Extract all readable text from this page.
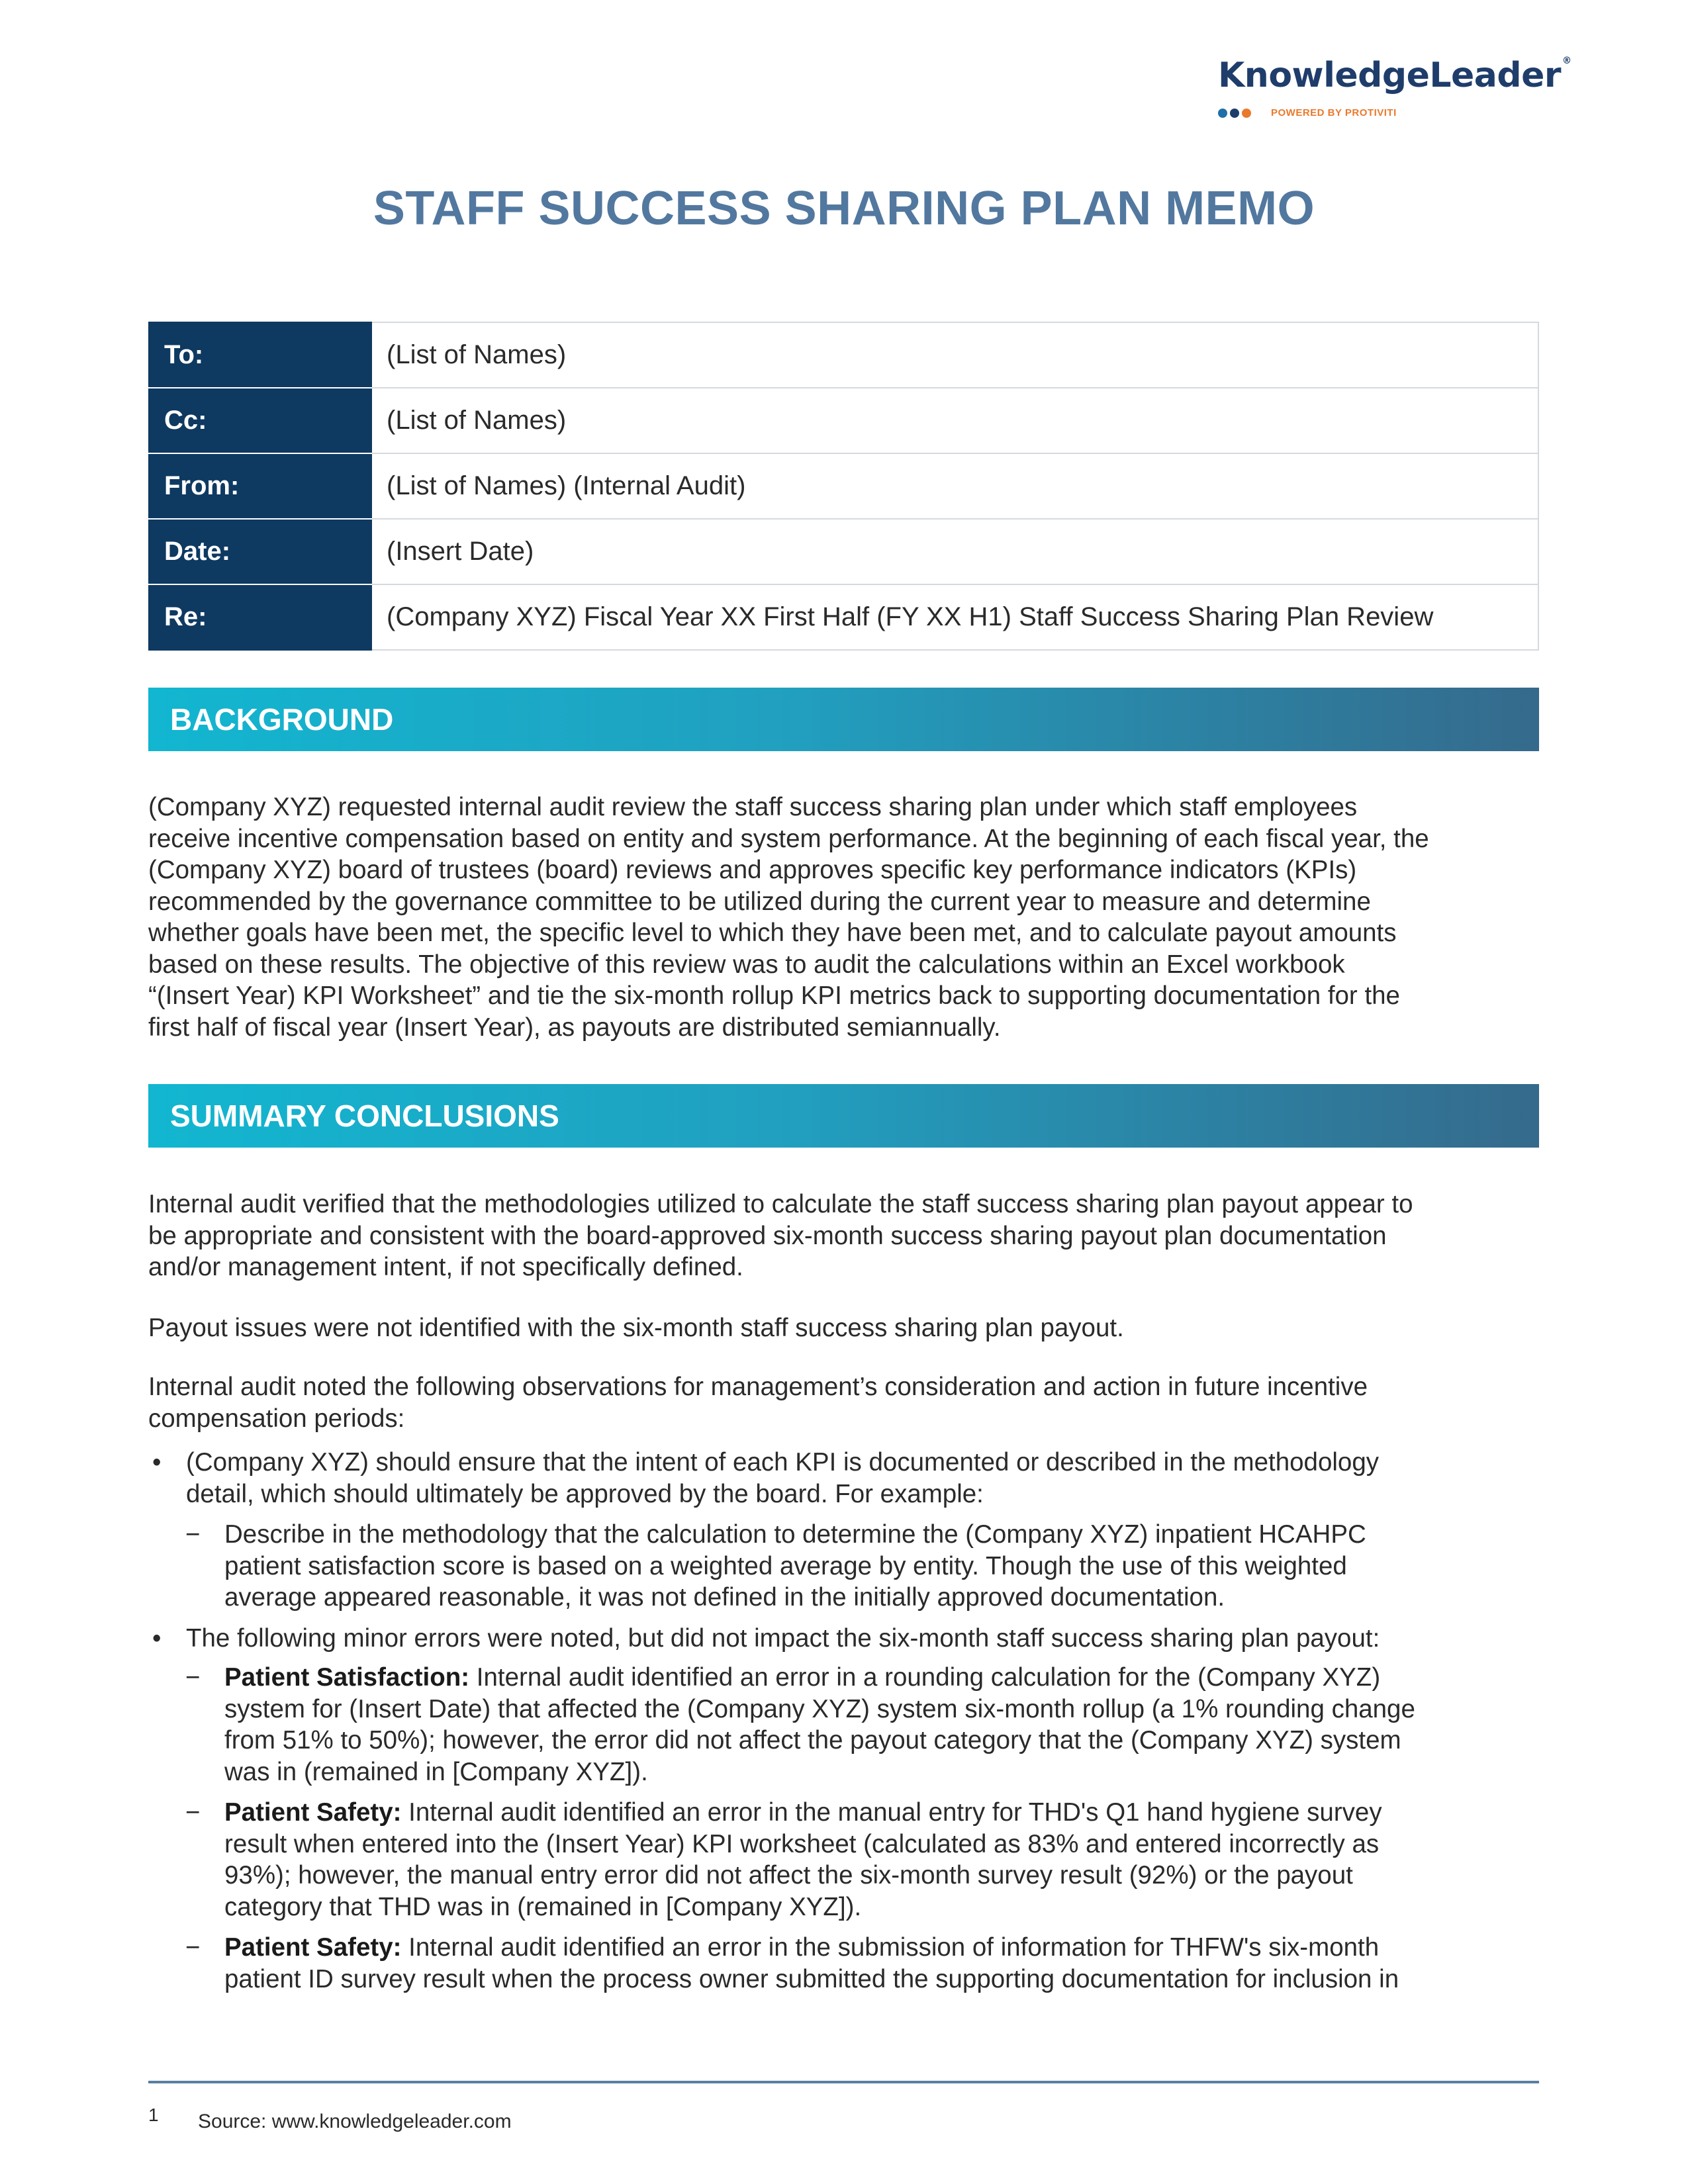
KnowledgeLeader ®
POWERED BY PROTIVITI
STAFF SUCCESS SHARING PLAN MEMO
To:	(List of Names)
Cc:	(List of Names)
From:	(List of Names) (Internal Audit)
Date:	(Insert Date)
Re:	(Company XYZ) Fiscal Year XX First Half (FY XX H1) Staff Success Sharing Plan Review
BACKGROUND
(Company XYZ) requested internal audit review the staff success sharing plan under which staff employees
receive incentive compensation based on entity and system performance. At the beginning of each fiscal year, the
(Company XYZ) board of trustees (board) reviews and approves specific key performance indicators (KPIs)
recommended by the governance committee to be utilized during the current year to measure and determine
whether goals have been met, the specific level to which they have been met, and to calculate payout amounts
based on these results. The objective of this review was to audit the calculations within an Excel workbook
“(Insert Year) KPI Worksheet” and tie the six-month rollup KPI metrics back to supporting documentation for the
first half of fiscal year (Insert Year), as payouts are distributed semiannually.
SUMMARY CONCLUSIONS
Internal audit verified that the methodologies utilized to calculate the staff success sharing plan payout appear to
be appropriate and consistent with the board-approved six-month success sharing payout plan documentation
and/or management intent, if not specifically defined.
Payout issues were not identified with the six-month staff success sharing plan payout.
Internal audit noted the following observations for management’s consideration and action in future incentive
compensation periods:
• (Company XYZ) should ensure that the intent of each KPI is documented or described in the methodology
detail, which should ultimately be approved by the board. For example:
− Describe in the methodology that the calculation to determine the (Company XYZ) inpatient HCAHPC
patient satisfaction score is based on a weighted average by entity. Though the use of this weighted
average appeared reasonable, it was not defined in the initially approved documentation.
• The following minor errors were noted, but did not impact the six-month staff success sharing plan payout:
− Patient Satisfaction: Internal audit identified an error in a rounding calculation for the (Company XYZ)
system for (Insert Date) that affected the (Company XYZ) system six-month rollup (a 1% rounding change
from 51% to 50%); however, the error did not affect the payout category that the (Company XYZ) system
was in (remained in [Company XYZ]).
− Patient Safety: Internal audit identified an error in the manual entry for THD's Q1 hand hygiene survey
result when entered into the (Insert Year) KPI worksheet (calculated as 83% and entered incorrectly as
93%); however, the manual entry error did not affect the six-month survey result (92%) or the payout
category that THD was in (remained in [Company XYZ]).
− Patient Safety: Internal audit identified an error in the submission of information for THFW's six-month
patient ID survey result when the process owner submitted the supporting documentation for inclusion in
1 Source: www.knowledgeleader.com
